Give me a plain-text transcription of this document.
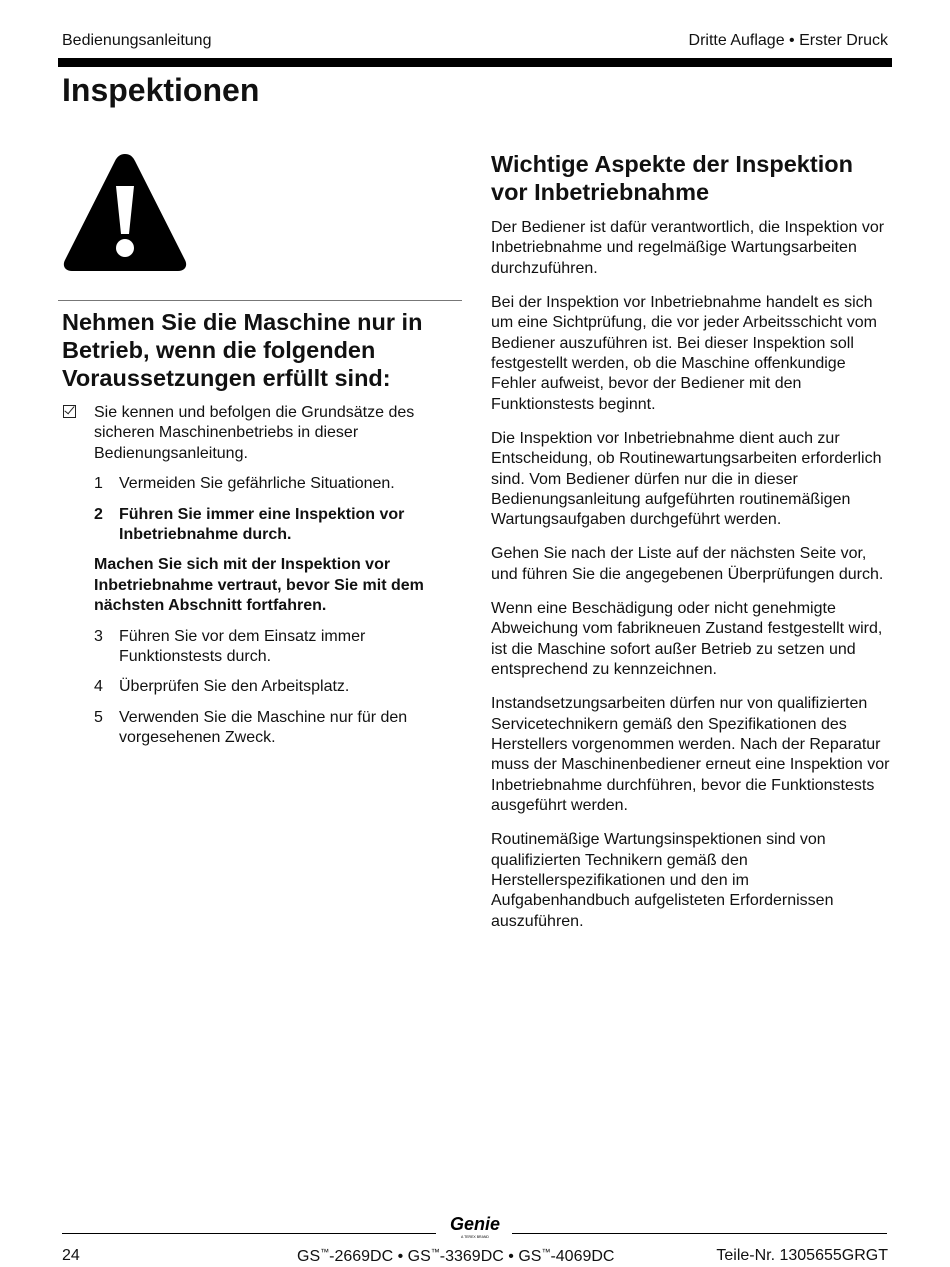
Bedienungsanleitung	Dritte Auflage • Erster Druck
Inspektionen
Nehmen Sie die Maschine nur in Betrieb, wenn die folgenden Voraussetzungen erfüllt sind:
Sie kennen und befolgen die Grundsätze des sicheren Maschinenbetriebs in dieser Bedienungsanleitung.
1 Vermeiden Sie gefährliche Situationen.
2 Führen Sie immer eine Inspektion vor Inbetriebnahme durch.
Machen Sie sich mit der Inspektion vor Inbetriebnahme vertraut, bevor Sie mit dem nächsten Abschnitt fortfahren.
3 Führen Sie vor dem Einsatz immer Funktionstests durch.
4 Überprüfen Sie den Arbeitsplatz.
5 Verwenden Sie die Maschine nur für den vorgesehenen Zweck.
Wichtige Aspekte der Inspektion vor Inbetriebnahme

Der Bediener ist dafür verantwortlich, die Inspektion vor Inbetriebnahme und regelmäßige Wartungsarbeiten durchzuführen.

Bei der Inspektion vor Inbetriebnahme handelt es sich um eine Sichtprüfung, die vor jeder Arbeitsschicht vom Bediener auszuführen ist. Bei dieser Inspektion soll festgestellt werden, ob die Maschine offenkundige Fehler aufweist, bevor der Bediener mit den Funktionstests beginnt.

Die Inspektion vor Inbetriebnahme dient auch zur Entscheidung, ob Routinewartungsarbeiten erforderlich sind. Vom Bediener dürfen nur die in dieser Bedienungsanleitung aufgeführten routinemäßigen Wartungsaufgaben durchgeführt werden.

Gehen Sie nach der Liste auf der nächsten Seite vor, und führen Sie die angegebenen Überprüfungen durch.

Wenn eine Beschädigung oder nicht genehmigte Abweichung vom fabrikneuen Zustand festgestellt wird, ist die Maschine sofort außer Betrieb zu setzen und entsprechend zu kennzeichnen.

Instandsetzungsarbeiten dürfen nur von qualifizierten Servicetechnikern gemäß den Spezifikationen des Herstellers vorgenommen werden. Nach der Reparatur muss der Maschinenbediener erneut eine Inspektion vor Inbetriebnahme durchführen, bevor die Funktionstests ausgeführt werden.

Routinemäßige Wartungsinspektionen sind von qualifizierten Technikern gemäß den Herstellerspezifikationen und den im Aufgabenhandbuch aufgelisteten Erfordernissen auszuführen.

Genie
A TEREX BRAND
24	GS™-2669DC • GS™-3369DC • GS™-4069DC	Teile-Nr. 1305655GRGT
